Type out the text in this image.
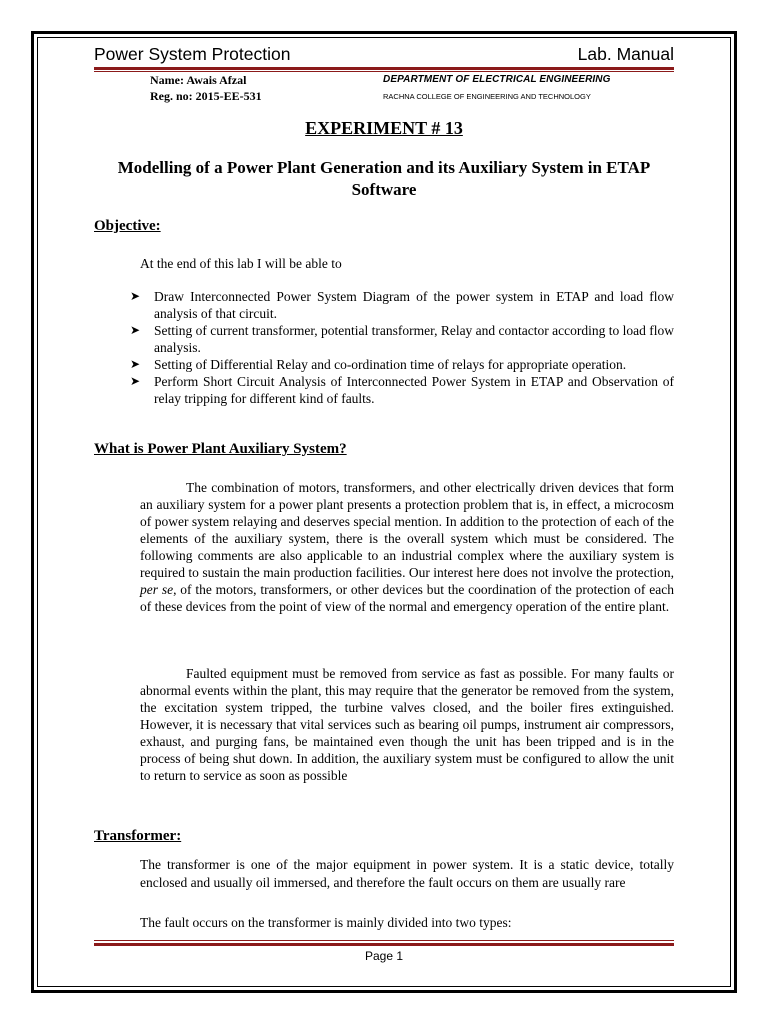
Power System Protection	Lab. Manual
Name: Awais Afzal
Reg. no: 2015-EE-531
DEPARTMENT OF ELECTRICAL ENGINEERING
RACHNA COLLEGE OF ENGINEERING AND TECHNOLOGY
EXPERIMENT # 13
Modelling of a Power Plant Generation and its Auxiliary System in ETAP Software
Objective:
At the end of this lab I will be able to
➤ Draw Interconnected Power System Diagram of the power system in ETAP and load flow analysis of that circuit.
➤ Setting of current transformer, potential transformer, Relay and contactor according to load flow analysis.
➤ Setting of Differential Relay and co-ordination time of relays for appropriate operation.
➤ Perform Short Circuit Analysis of Interconnected Power System in ETAP and Observation of relay tripping for different kind of faults.
What is Power Plant Auxiliary System?
The combination of motors, transformers, and other electrically driven devices that form an auxiliary system for a power plant presents a protection problem that is, in effect, a microcosm of power system relaying and deserves special mention. In addition to the protection of each of the elements of the auxiliary system, there is the overall system which must be considered. The following comments are also applicable to an industrial complex where the auxiliary system is required to sustain the main production facilities. Our interest here does not involve the protection, per se, of the motors, transformers, or other devices but the coordination of the protection of each of these devices from the point of view of the normal and emergency operation of the entire plant.
Faulted equipment must be removed from service as fast as possible. For many faults or abnormal events within the plant, this may require that the generator be removed from the system, the excitation system tripped, the turbine valves closed, and the boiler fires extinguished. However, it is necessary that vital services such as bearing oil pumps, instrument air compressors, exhaust, and purging fans, be maintained even though the unit has been tripped and is in the process of being shut down. In addition, the auxiliary system must be configured to allow the unit to return to service as soon as possible
Transformer:
The transformer is one of the major equipment in power system. It is a static device, totally enclosed and usually oil immersed, and therefore the fault occurs on them are usually rare
The fault occurs on the transformer is mainly divided into two types:
Page 1
